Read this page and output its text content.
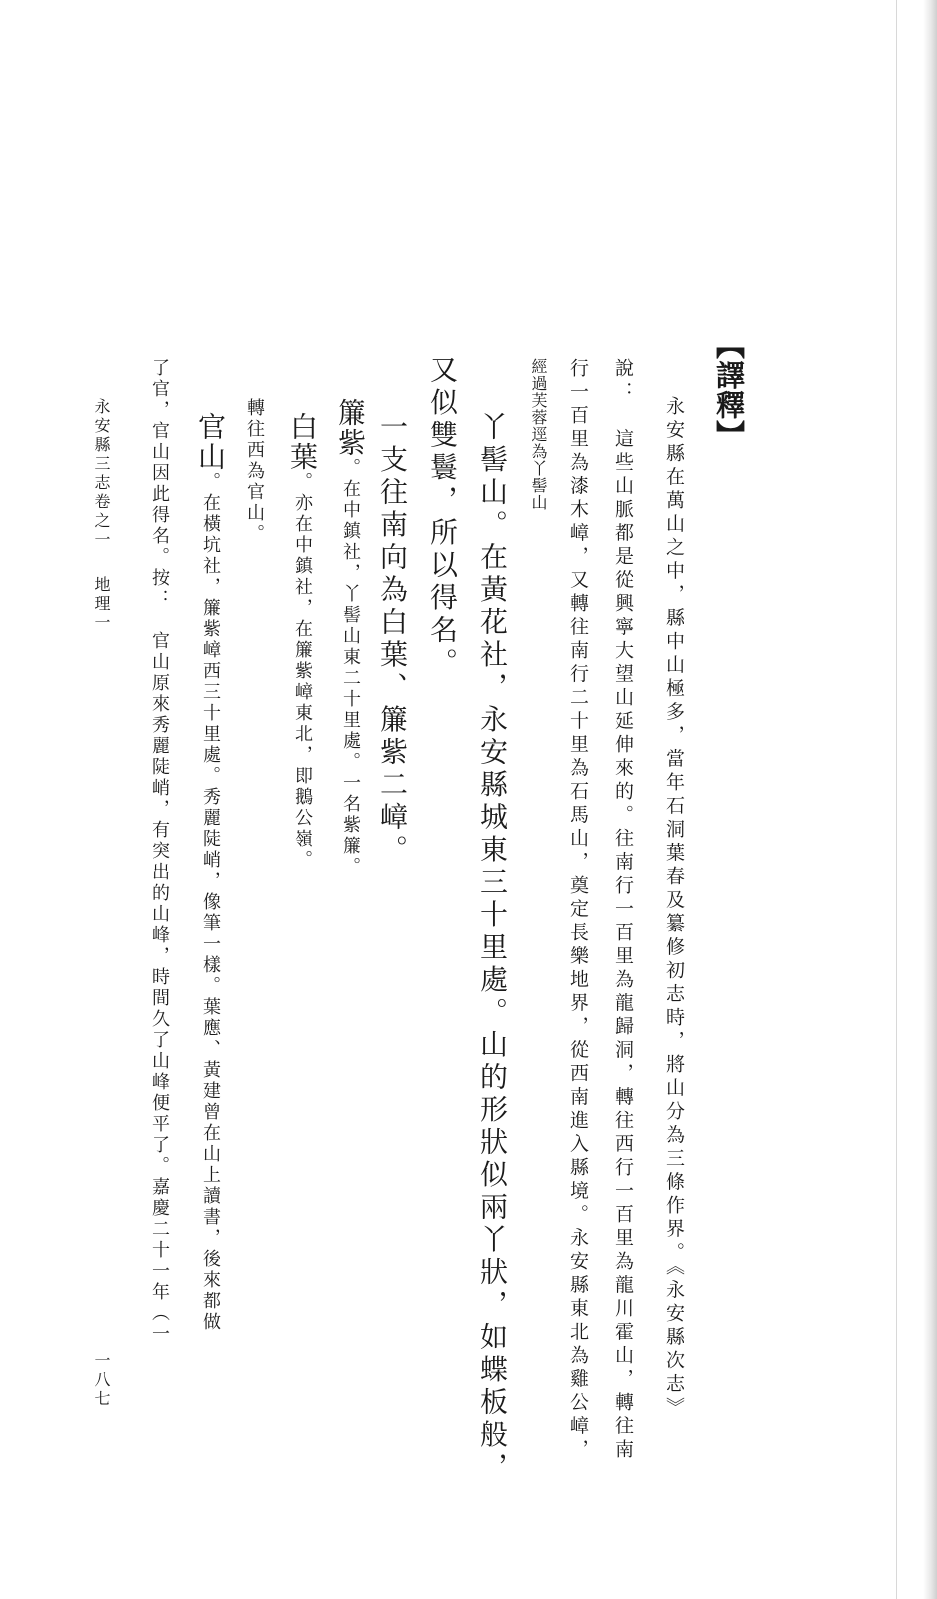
【譯釋】
永安縣在萬山之中，縣中山極多，當年石洞葉春及纂修初志時，將山分為三條作界。《永安縣次志》
說：　這些山脈都是從興寧大望山延伸來的。往南行一百里為龍歸洞，轉往西行一百里為龍川霍山，轉往南
行一百里為漆木嶂，又轉往南行二十里為石馬山，奠定長樂地界，從西南進入縣境。永安縣東北為雞公嶂，
經過芙蓉逕為丫髻山
丫髻山。在黃花社，永安縣城東三十里處。山的形狀似兩丫狀，如蝶板般，
又似雙鬟，所以得名。
一支往南向為白葉、簾紫二嶂。
簾紫。在中鎮社，丫髻山東二十里處。一名紫簾。
白葉。亦在中鎮社，在簾紫嶂東北，即鵝公嶺。
轉往西為官山。
官山。在橫坑社，簾紫嶂西三十里處。秀麗陡峭，像筆一樣。葉應、黃建曾在山上讀書，後來都做
了官，官山因此得名。按：　官山原來秀麗陡峭，有突出的山峰，時間久了山峰便平了。嘉慶二十一年（一
永安縣三志卷之一地理一
一八七
